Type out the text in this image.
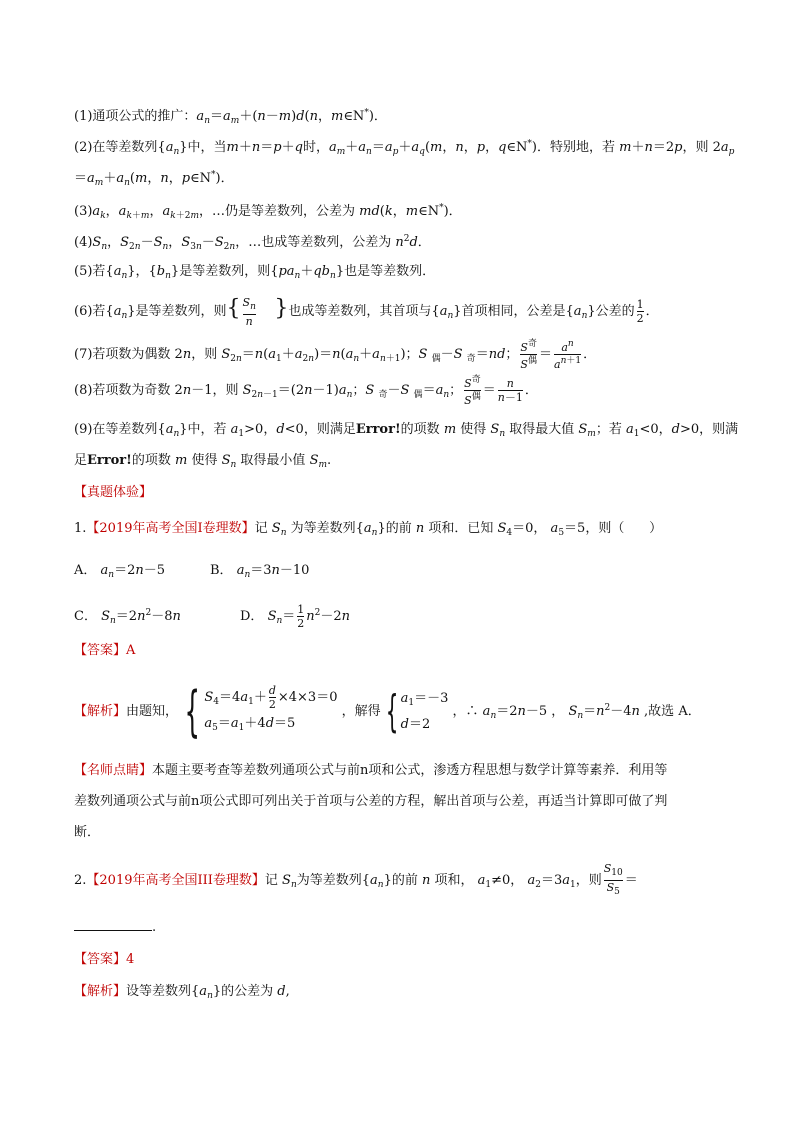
(1)通项公式的推广：$a_n=a_m+(n-m)d(n$，m∈N*)．
(2)在等差数列$\{a_n\}$中，当m＋n＝p＋q时，$a_m+a_n=a_p+a_q(m$，n，p，q∈N*)．特别地，若 m＋n＝2p，则 $2a_p$
$=a_m+a_n(m$，n，p∈N*)．
$(3)a_k$，$a_{k+m}$，$a_{k+2m}$，…仍是等差数列，公差为 md(k，m∈N*)．
$(4)S_n$，$S_{2n}-S_n$，$S_{3n}-S_{2n}$，…也成等差数列，公差为 $n^2d$．
(5)若$\{a_n\}$，$\{b_n\}$是等差数列，则$\{pa_n+qb_n\}$也是等差数列．
(6)若$\{a_n\}$是等差数列，则{ $\frac{S_n}{n}$ }也成等差数列，其首项与$\{a_n\}$首项相同，公差是$\{a_n\}$公差的 $\frac{1}{2}$ ．
(7)若项数为偶数 2n，则 $S_{2n}=n(a_1+a_{2n})=n(a_n+a_{n+1})$；S $_偶$－S $_奇$＝nd； $\frac{S^奇}{S^偶} = \frac{a^n}{a^{n+1}}$ ．
(8)若项数为奇数 2n－1，则 $S_{2n-1}=(2n-1)a_n$；S $_奇$－S $_偶=a_n$； $\frac{S^奇}{S^偶} = \frac{n}{n-1}$ ．
(9)在等差数列$\{a_n\}$中，若 $a_1>0$，d<0，则满足Error!的项数 m 使得 $S_n$ 取得最大值 $S_m$；若 $a_1<0$，d>0，则满
足Error!的项数 m 使得 $S_n$ 取得最小值 $S_m$.
【真题体验】
1.【2019年高考全国I卷理数】记 $S_n$ 为等差数列$\{a_n\}$的前 n 项和．已知 $S_4=0$， $a_5=5$，则（      ）
A． $a_n=2n-5$	B． $a_n=3n-10$
C． $S_n=2n^2-8n$	D． $S_n= \frac{1}{2} n^2-2n$
【答案】A
【解析】由题知， { $S_4=4a_1+ \frac{d}{2} \times 4\times 3=0$
$a_5=a_1+4d=5$
，解得 { $a_1=-3$
d＝2
，∴ $a_n=2n-5$ ， $S_n=n^2-4n$ ,故选 A．
【名师点睛】本题主要考查等差数列通项公式与前n项和公式，渗透方程思想与数学计算等素养．利用等
差数列通项公式与前n项公式即可列出关于首项与公差的方程，解出首项与公差，再适当计算即可做了判
断．
2.【2019年高考全国III卷理数】记 $S_n$为等差数列$\{a_n\}$的前 n 项和， $a_1\ne 0$， $a_2=3a_1$，则 $\frac{S_{10}}{S_5}$ ＝
.
【答案】4
【解析】设等差数列$\{a_n\}$的公差为 d,
